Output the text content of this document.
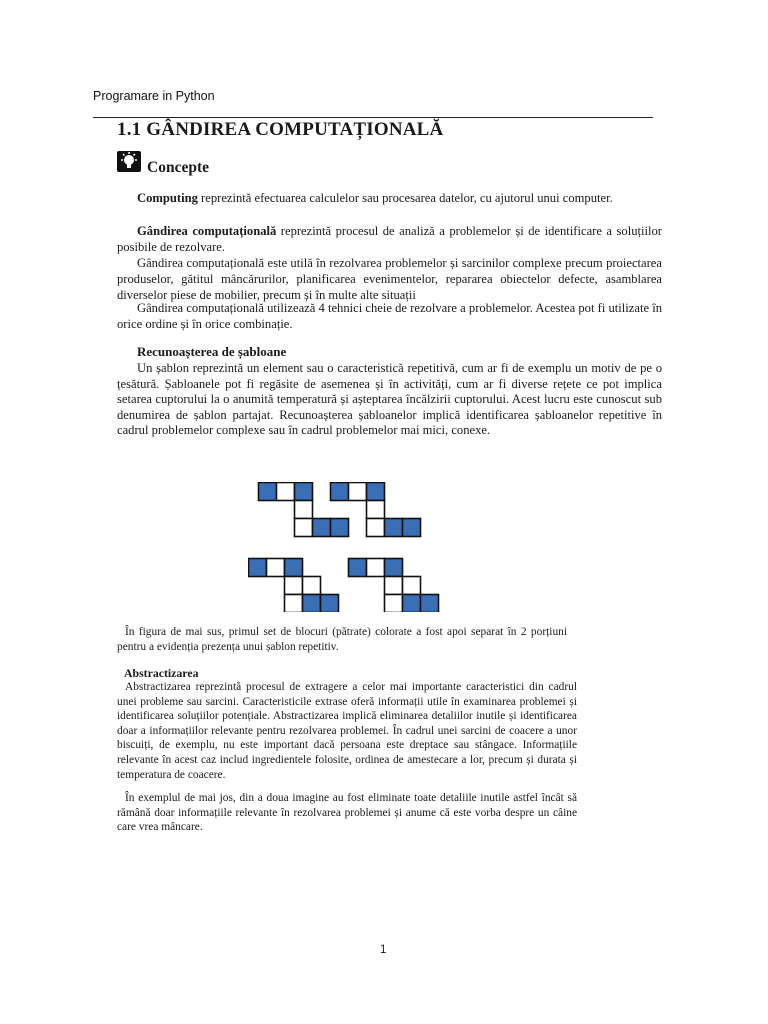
Programare in Python
1.1 GÂNDIREA COMPUTAȚIONALĂ
Concepte
Computing reprezintă efectuarea calculelor sau procesarea datelor, cu ajutorul unui computer.
Gândirea computațională reprezintă procesul de analiză a problemelor și de identificare a soluțiilor posibile de rezolvare.
Gândirea computațională este utilă în rezolvarea problemelor și sarcinilor complexe precum proiectarea produselor, gătitul mâncărurilor, planificarea evenimentelor, repararea obiectelor defecte, asamblarea diverselor piese de mobilier, precum și în multe alte situații
Gândirea computațională utilizează 4 tehnici cheie de rezolvare a problemelor. Acestea pot fi utilizate în orice ordine și în orice combinație.
Recunoașterea de șabloane
Un șablon reprezintă un element sau o caracteristică repetitivă, cum ar fi de exemplu un motiv de pe o țesătură. Șabloanele pot fi regăsite de asemenea și în activități, cum ar fi diverse rețete ce pot implica setarea cuptorului la o anumită temperatură și așteptarea încălzirii cuptorului. Acest lucru este cunoscut sub denumirea de șablon partajat. Recunoașterea șabloanelor implică identificarea șabloanelor repetitive în cadrul problemelor complexe sau în cadrul problemelor mai mici, conexe.
În figura de mai sus, primul set de blocuri (pătrate) colorate a fost apoi separat în 2 porțiuni pentru a evidenția prezența unui șablon repetitiv.
Abstractizarea
Abstractizarea reprezintă procesul de extragere a celor mai importante caracteristici din cadrul unei probleme sau sarcini. Caracteristicile extrase oferă informații utile în examinarea problemei și identificarea soluțiilor potențiale. Abstractizarea implică eliminarea detaliilor inutile și identificarea doar a informațiilor relevante pentru rezolvarea problemei. În cadrul unei sarcini de coacere a unor biscuiți, de exemplu, nu este important dacă persoana este dreptace sau stângace. Informațiile relevante în acest caz includ ingredientele folosite, ordinea de amestecare a lor, precum și durata și temperatura de coacere.
În exemplul de mai jos, din a doua imagine au fost eliminate toate detaliile inutile astfel încât să rămână doar informațiile relevante în rezolvarea problemei și anume că este vorba despre un câine care vrea mâncare.
1
